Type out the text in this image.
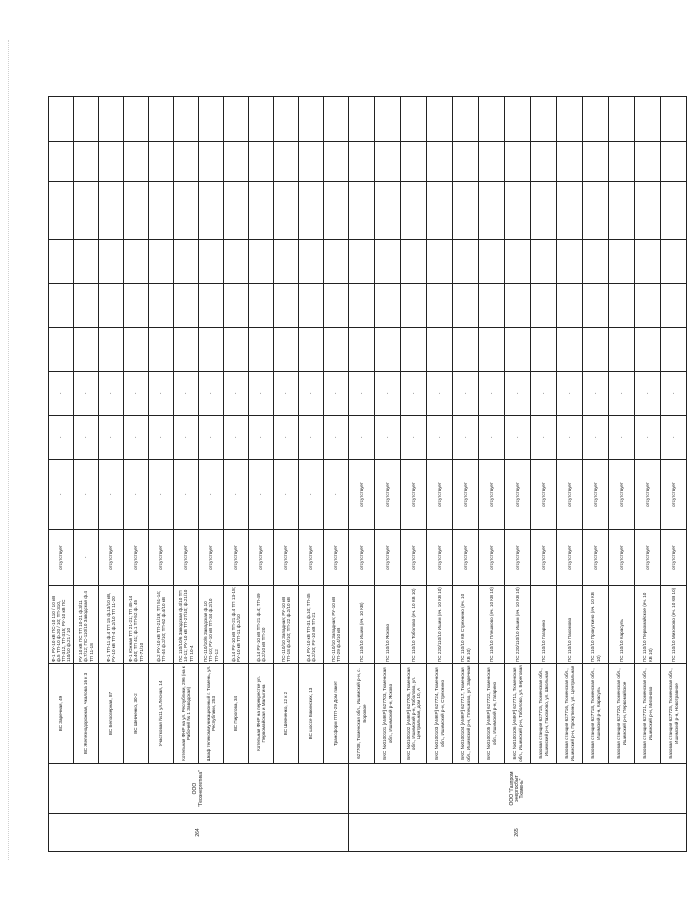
264	ООО "Геоэнергетика"	ВС Заречная, 49	Ф-1 РУ-10 кВ ПС-10 110 / 10 кВ ф.5 ТП-10 ф.20 / 10; ТП-310, ТП-312, ТП-315; РУ-10 кВ ПС 110/10 ф.21 / 10	отсутствует	-	-	-						
		ВС Железнодорожная, Чкалова 16 к 3	РУ 10 кВ ПС ТП 10-21 ф.3/11 ф.7/12; ПС-110/10 Заводская ф.4 ТП 11-18	-	-	-	-						
		ВС Белоозерная, 87	Ф-1 ТП-11 ф.4 ТП 15 ф.13/10 кВ, РУ-10 кВ ТП-4 ф.2/10 ТП 11-20	отсутствует	-	-	-						
		ВС Шевченко, 30-2	Ф-1 Южная ТП 21-21; ТП 45-14 ф.40; ТП 41; ф.1 ТП-52 ф. 45 ТП-71/10	отсутствует	-	-	-						
		Участковая №11 ул.Лесная, 14	ф.2 РУ-10 кВ ТП-21/19; ТП 51-14; ТП-44 ф.2/10; ТП-62 ф.4/10 кВ	отсутствует	-	-	-						
		Котельная ФНР на ул. Республики, 296 (на к Рабочей № 1 Заводская)	ПС 110/10/6 Заводская ф.4/10 ТП 14-11; РУ-10 кВ ТП-27/10; ф.21/10 ТП 10-4	отсутствует	-	-	-						
		Шкаф телекоммуникационный г. Тюмень, ул. Республики, 253	ПС-110/10/6 Заводская ф.10 ТП-10; РУ-10 кВ ТП-34 ф.2/10 ТП-12	отсутствует	-	-	-						
		ВС Пирогова, 34	ф.14 РУ-10 кВ ТП-21 ф.4 ТП 13-18; РУ-10 кВ ТП-11 ф.2/10	отсутствует	-	-	-						
		Котельная ФНР на перекрестке ул. Первомайская и Малыгина	ф.14 РУ-10 кВ ТП-21 ф.4; ТП-49 ф.2/10 кВ ТП-20	отсутствует	-	-	-						
		ВС Шевченко, 12 к 2	ПС-110/10 Западная; РУ-10 кВ ТП-18 ф.4/10; ТП-22 ф.2/10 кВ	отсутствует	-	-	-						
		ВС шоссе Бакинских, 13	ф.4 РУ-10 кВ ТП-31 ф.10; ТП-45 ф.2/10; РУ-10 кВ ТП-21	отсутствует	-	-	-						
		Трансформ ПТП-29 Дом пакет	ПС-110/10 Западная; РУ-10 кВ ТП-29 ф.4/10 кВ	отсутствует	-	-	-						
265	ООО "Газпром энергосбыт Тюмень"	627708, Тюменская обл., Ишимский р-н, с. Боровое	ПС 110/10 Ишим (яч. 10 КВ)	отсутствует	отсутствует	-	-						
		БКС №0100101 [АМКР] 627703, Тюменская обл., Ишимский р-н, Ясково	ПС 110/10 Ясково	отсутствует	отсутствует	-	-						
		БКС №0100102 [АМКР] 627705, Тюменская обл., Ишимский р-н, Тоболово, ул. Центральная, дом 10, А	ПС 110/10 Тоболово (яч. 10 КВ 10)	отсутствует	отсутствует	-	-						
		БКС №0100103 [АМКР] 627724, Тюменская обл., Ишимский р-н, Стрехнино	ПС 220/110/10 Ишим (яч. 10 КВ 10)	отсутствует	отсутствует	-	-						
		БКС №0100104 [АМКР] 627717, Тюменская обл., Ишимский р-н, Плешково, ул. Заречная	ПС 110/10 КВ Стрехнино (яч. 10 КВ 10)	отсутствует	отсутствует	-	-						
		БКС №0100105 [АМКР] 627722, Тюменская обл., Ишимский р-н, Гагарино	ПС 110/10 Плешково (яч. 10 КВ 10)	отсутствует	отсутствует	-	-						
		БКС №0100106 [АМКР] 627711, Тюменская обл., Ишимский р-н, Тоболово, ул. Береговая	ПС 220/110/10 Ишим (яч. 10 КВ 10)	отсутствует	отсутствует	-	-						
		Базовая станция 627715, Тюменская обл., Ишимский р-н, Пахомово, ул. Школьная	ПС 110/10 Гагарино	отсутствует	отсутствует	-	-						
		Базовая станция 627716, Тюменская обл., Ишимский р-н, Прокуткино, ул. Центральная	ПС 110/10 Пахомово	отсутствует	отсутствует	-	-						
		Базовая станция 627718, Тюменская обл., Ишимский р-н, Карасуль	ПС 110/10 Прокуткино (яч. 10 КВ 10)	отсутствует	отсутствует	-	-						
		Базовая станция 627720, Тюменская обл., Ишимский р-н, Первомайское	ПС 110/10 Карасуль	отсутствует	отсутствует	-	-						
		Базовая станция 627721, Тюменская обл., Ишимский р-н, Мизоново	ПС 110/10 Первомайское (яч. 10 КВ 10)	отсутствует	отсутствует	-	-						
		Базовая станция 627725, Тюменская обл., Ишимский р-н, Новотравное	ПС 110/10 Мизоново (яч. 10 КВ 10)	отсутствует	отсутствует	-	-						
